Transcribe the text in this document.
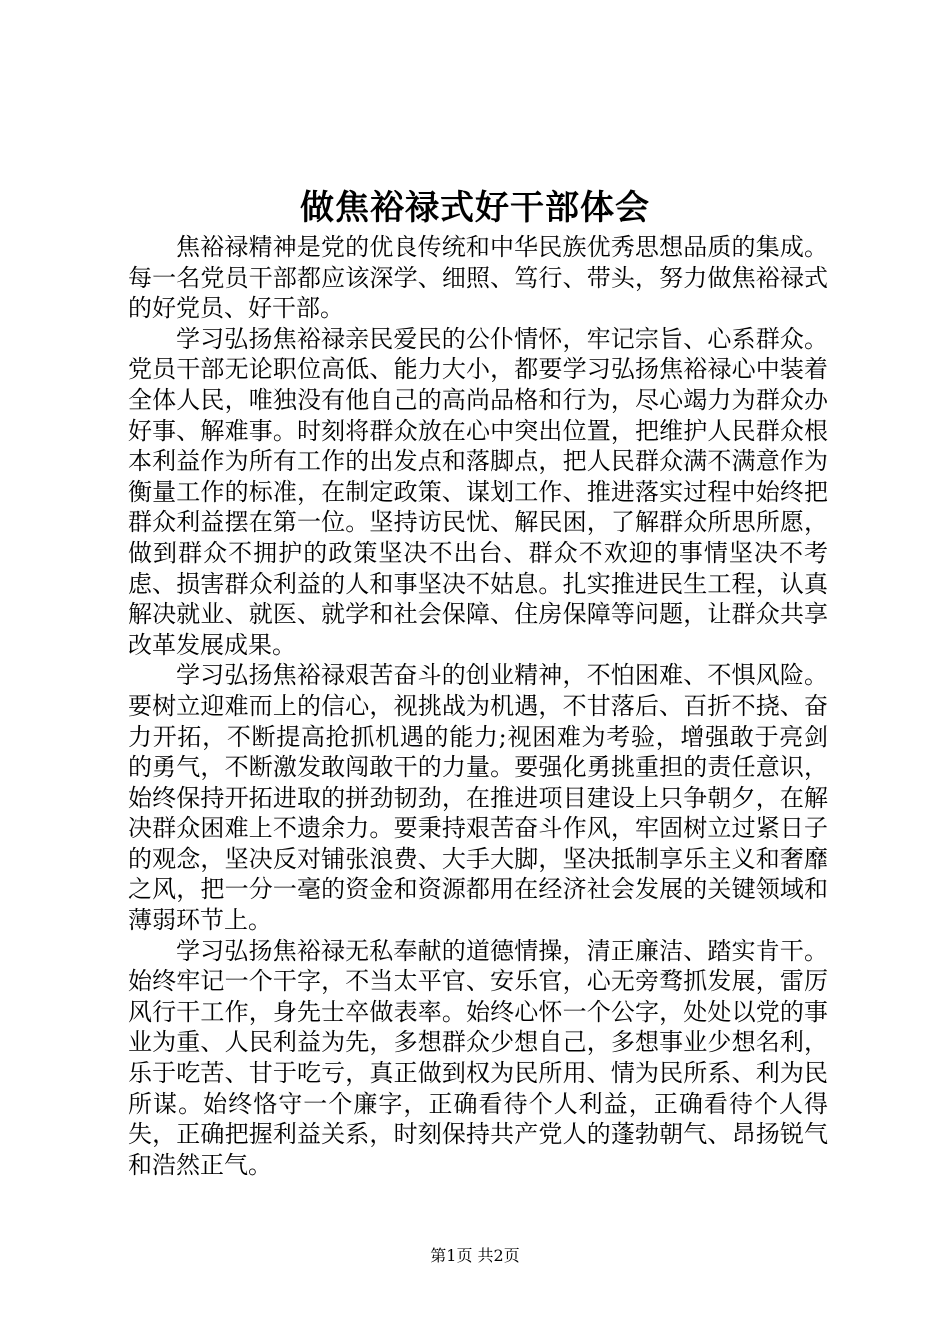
做焦裕禄式好干部体会

焦裕禄精神是党的优良传统和中华民族优秀思想品质的集成。每一名党员干部都应该深学、细照、笃行、带头，努力做焦裕禄式的好党员、好干部。

学习弘扬焦裕禄亲民爱民的公仆情怀，牢记宗旨、心系群众。党员干部无论职位高低、能力大小，都要学习弘扬焦裕禄心中装着全体人民，唯独没有他自己的高尚品格和行为，尽心竭力为群众办好事、解难事。时刻将群众放在心中突出位置，把维护人民群众根本利益作为所有工作的出发点和落脚点，把人民群众满不满意作为衡量工作的标准，在制定政策、谋划工作、推进落实过程中始终把群众利益摆在第一位。坚持访民忧、解民困，了解群众所思所愿，做到群众不拥护的政策坚决不出台、群众不欢迎的事情坚决不考虑、损害群众利益的人和事坚决不姑息。扎实推进民生工程，认真解决就业、就医、就学和社会保障、住房保障等问题，让群众共享改革发展成果。

学习弘扬焦裕禄艰苦奋斗的创业精神，不怕困难、不惧风险。要树立迎难而上的信心，视挑战为机遇，不甘落后、百折不挠、奋力开拓，不断提高抢抓机遇的能力;视困难为考验，增强敢于亮剑的勇气，不断激发敢闯敢干的力量。要强化勇挑重担的责任意识，始终保持开拓进取的拼劲韧劲，在推进项目建设上只争朝夕，在解决群众困难上不遗余力。要秉持艰苦奋斗作风，牢固树立过紧日子的观念，坚决反对铺张浪费、大手大脚，坚决抵制享乐主义和奢靡之风，把一分一毫的资金和资源都用在经济社会发展的关键领域和薄弱环节上。

学习弘扬焦裕禄无私奉献的道德情操，清正廉洁、踏实肯干。始终牢记一个干字，不当太平官、安乐官，心无旁骛抓发展，雷厉风行干工作，身先士卒做表率。始终心怀一个公字，处处以党的事业为重、人民利益为先，多想群众少想自己，多想事业少想名利，乐于吃苦、甘于吃亏，真正做到权为民所用、情为民所系、利为民所谋。始终恪守一个廉字，正确看待个人利益，正确看待个人得失，正确把握利益关系，时刻保持共产党人的蓬勃朝气、昂扬锐气和浩然正气。

第1页 共2页
